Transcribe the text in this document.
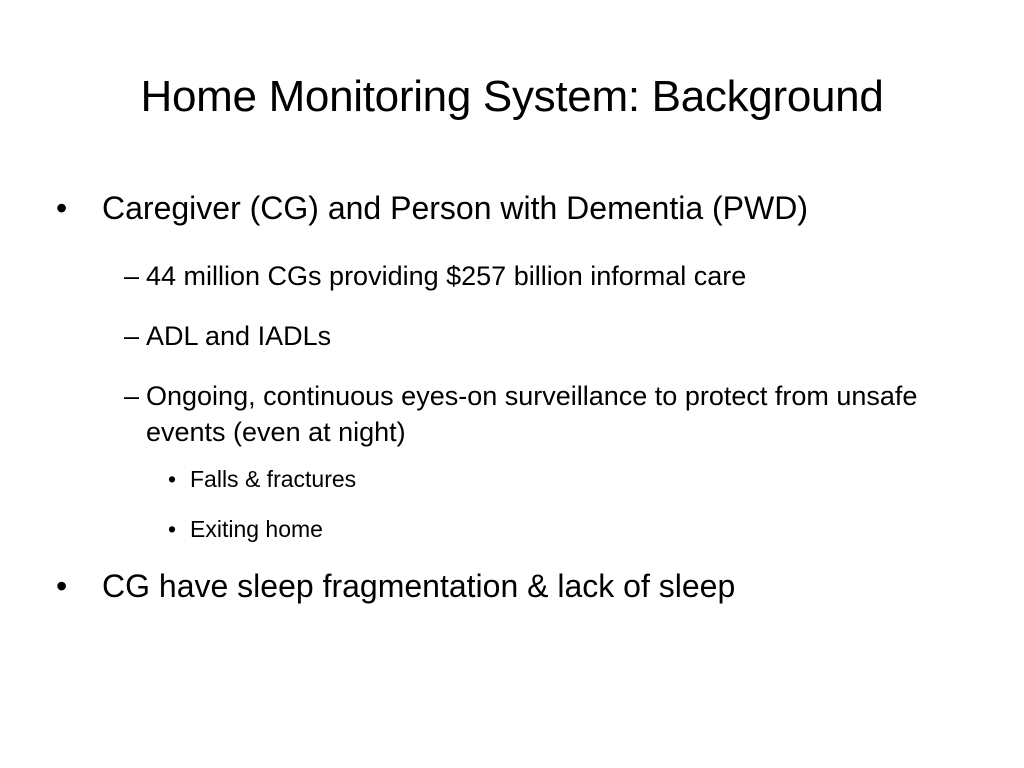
Home Monitoring System: Background
•	Caregiver (CG) and Person with Dementia (PWD)
– 44 million CGs providing $257 billion informal care
– ADL and IADLs
– Ongoing, continuous eyes-on surveillance to protect from unsafe events (even at night)
• Falls & fractures
• Exiting home
•	CG have sleep fragmentation & lack of sleep
